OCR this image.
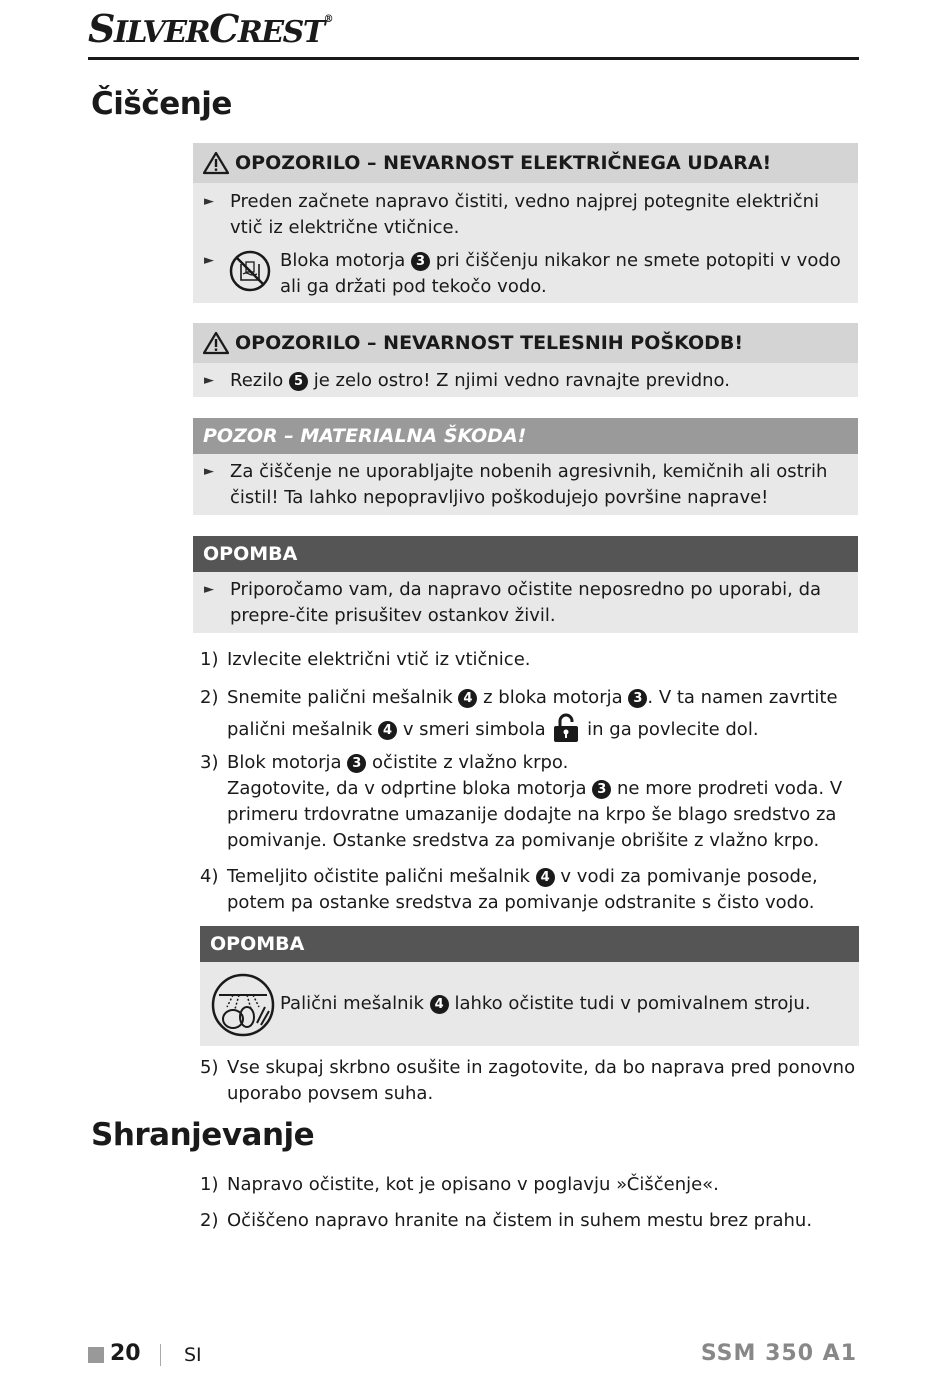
SILVERCREST®
Čiščenje
OPOZORILO – NEVARNOST ELEKTRIČNEGA UDARA!
► Preden začnete napravo čistiti, vedno najprej potegnite električni vtič iz električne vtičnice.
►	Bloka motorja 3 pri čiščenju nikakor ne smete potopiti v vodo ali ga držati pod tekočo vodo.
OPOZORILO – NEVARNOST TELESNIH POŠKODB!
► Rezilo 5 je zelo ostro! Z njimi vedno ravnajte previdno.
POZOR – MATERIALNA ŠKODA!
► Za čiščenje ne uporabljajte nobenih agresivnih, kemičnih ali ostrih čistil! Ta lahko nepopravljivo poškodujejo površine naprave!
OPOMBA
► Priporočamo vam, da napravo očistite neposredno po uporabi, da prepre-čite prisušitev ostankov živil.
1) Izvlecite električni vtič iz vtičnice.
2) Snemite palični mešalnik 4 z bloka motorja 3 . V ta namen zavrtite palični mešalnik 4 v smeri simbola in ga povlecite dol.
3) Blok motorja 3 očistite z vlažno krpo.
Zagotovite, da v odprtine bloka motorja 3 ne more prodreti voda. V primeru trdovratne umazanije dodajte na krpo še blago sredstvo za pomivanje. Ostanke sredstva za pomivanje obrišite z vlažno krpo.
4) Temeljito očistite palični mešalnik 4 v vodi za pomivanje posode, potem pa ostanke sredstva za pomivanje odstranite s čisto vodo.
OPOMBA
Palični mešalnik 4 lahko očistite tudi v pomivalnem stroju.
5) Vse skupaj skrbno osušite in zagotovite, da bo naprava pred ponovno uporabo povsem suha.
Shranjevanje
1) Napravo očistite, kot je opisano v poglavju »Čiščenje«.
2) Očiščeno napravo hranite na čistem in suhem mestu brez prahu.
20 SI	SSM 350 A1
